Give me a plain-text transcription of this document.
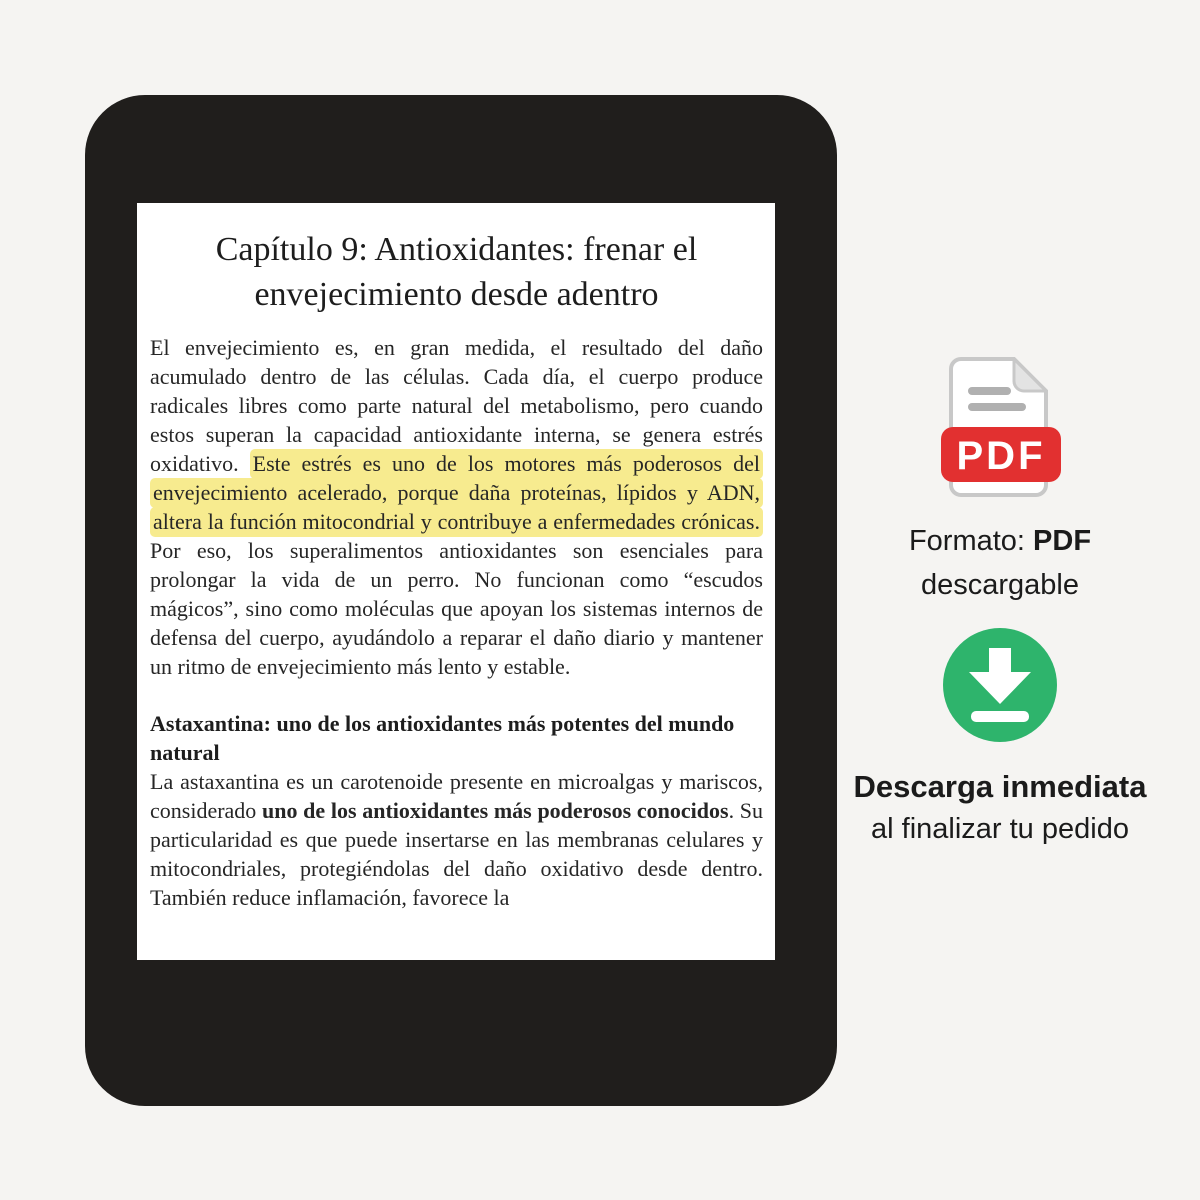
Capítulo 9: Antioxidantes: frenar el envejecimiento desde adentro

El envejecimiento es, en gran medida, el resultado del daño acumulado dentro de las células. Cada día, el cuerpo produce radicales libres como parte natural del metabolismo, pero cuando estos superan la capacidad antioxidante interna, se genera estrés oxidativo. Este estrés es uno de los motores más poderosos del envejecimiento acelerado, porque daña proteínas, lípidos y ADN, altera la función mitocondrial y contribuye a enfermedades crónicas. Por eso, los superalimentos antioxidantes son esenciales para prolongar la vida de un perro. No funcionan como “escudos mágicos”, sino como moléculas que apoyan los sistemas internos de defensa del cuerpo, ayudándolo a reparar el daño diario y mantener un ritmo de envejecimiento más lento y estable.

Astaxantina: uno de los antioxidantes más potentes del mundo natural

La astaxantina es un carotenoide presente en microalgas y mariscos, considerado uno de los antioxidantes más poderosos conocidos. Su particularidad es que puede insertarse en las membranas celulares y mitocondriales, protegiéndolas del daño oxidativo desde dentro. También reduce inflamación, favorece la

PDF
Formato: PDF
descargable
Descarga inmediata
al finalizar tu pedido
